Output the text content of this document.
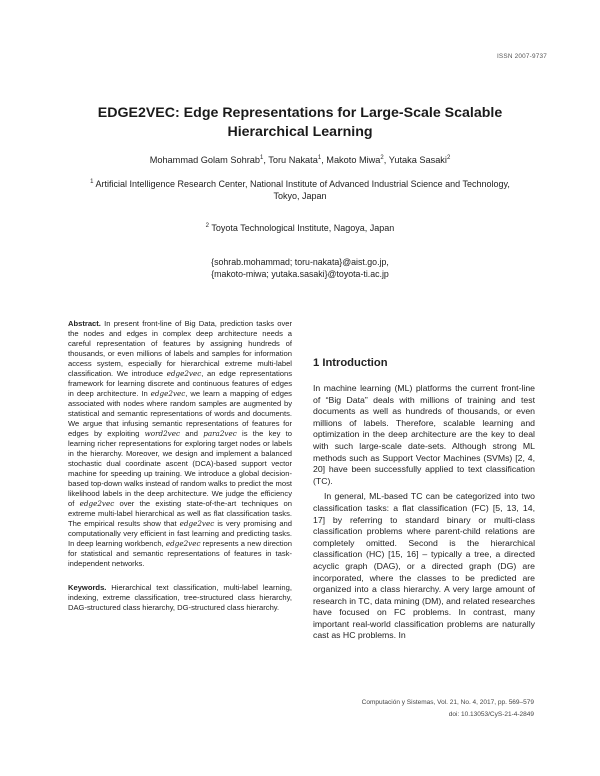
ISSN 2007-9737
EDGE2VEC: Edge Representations for Large-Scale Scalable Hierarchical Learning
Mohammad Golam Sohrab$^1$, Toru Nakata$^1$, Makoto Miwa$^2$, Yutaka Sasaki$^2$
$^1$ Artificial Intelligence Research Center, National Institute of Advanced Industrial Science and Technology, Tokyo, Japan
$^2$ Toyota Technological Institute, Nagoya, Japan
{sohrab.mohammad; toru-nakata}@aist.go.jp,
{makoto-miwa; yutaka.sasaki}@toyota-ti.ac.jp

Abstract. In present front-line of Big Data, prediction tasks over the nodes and edges in complex deep architecture needs a careful representation of features by assigning hundreds of thousands, or even millions of labels and samples for information access system, especially for hierarchical extreme multi-label classification. We introduce edge2vec, an edge representations framework for learning discrete and continuous features of edges in deep architecture. In edge2vec, we learn a mapping of edges associated with nodes where random samples are augmented by statistical and semantic representations of words and documents. We argue that infusing semantic representations of features for edges by exploiting word2vec and para2vec is the key to learning richer representations for exploring target nodes or labels in the hierarchy. Moreover, we design and implement a balanced stochastic dual coordinate ascent (DCA)-based support vector machine for speeding up training. We introduce a global decision-based top-down walks instead of random walks to predict the most likelihood labels in the deep architecture. We judge the efficiency of edge2vec over the existing state-of-the-art techniques on extreme multi-label hierarchical as well as flat classification tasks. The empirical results show that edge2vec is very promising and computationally very efficient in fast learning and predicting tasks. In deep learning workbench, edge2vec represents a new direction for statistical and semantic representations of features in task-independent networks.

Keywords. Hierarchical text classification, multi-label learning, indexing, extreme classification, tree-structured class hierarchy, DAG-structured class hierarchy, DG-structured class hierarchy.

1 Introduction

In machine learning (ML) platforms the current front-line of “Big Data” deals with millions of training and test documents as well as hundreds of thousands, or even millions of labels. Therefore, scalable learning and optimization in the deep architecture are the key to deal with such large-scale date-sets. Although strong ML methods such as Support Vector Machines (SVMs) [2, 4, 20] have been successfully applied to text classification (TC).

In general, ML-based TC can be categorized into two classification tasks: a flat classification (FC) [5, 13, 14, 17] by referring to standard binary or multi-class classification problems where parent-child relations are completely omitted. Second is the hierarchical classification (HC) [15, 16] – typically a tree, a directed acyclic graph (DAG), or a directed graph (DG) are incorporated, where the classes to be predicted are organized into a class hierarchy. A very large amount of research in TC, data mining (DM), and related researches have focused on FC problems. In contrast, many important real-world classification problems are naturally cast as HC problems. In

Computación y Sistemas, Vol. 21, No. 4, 2017, pp. 569–579
doi: 10.13053/CyS-21-4-2849
